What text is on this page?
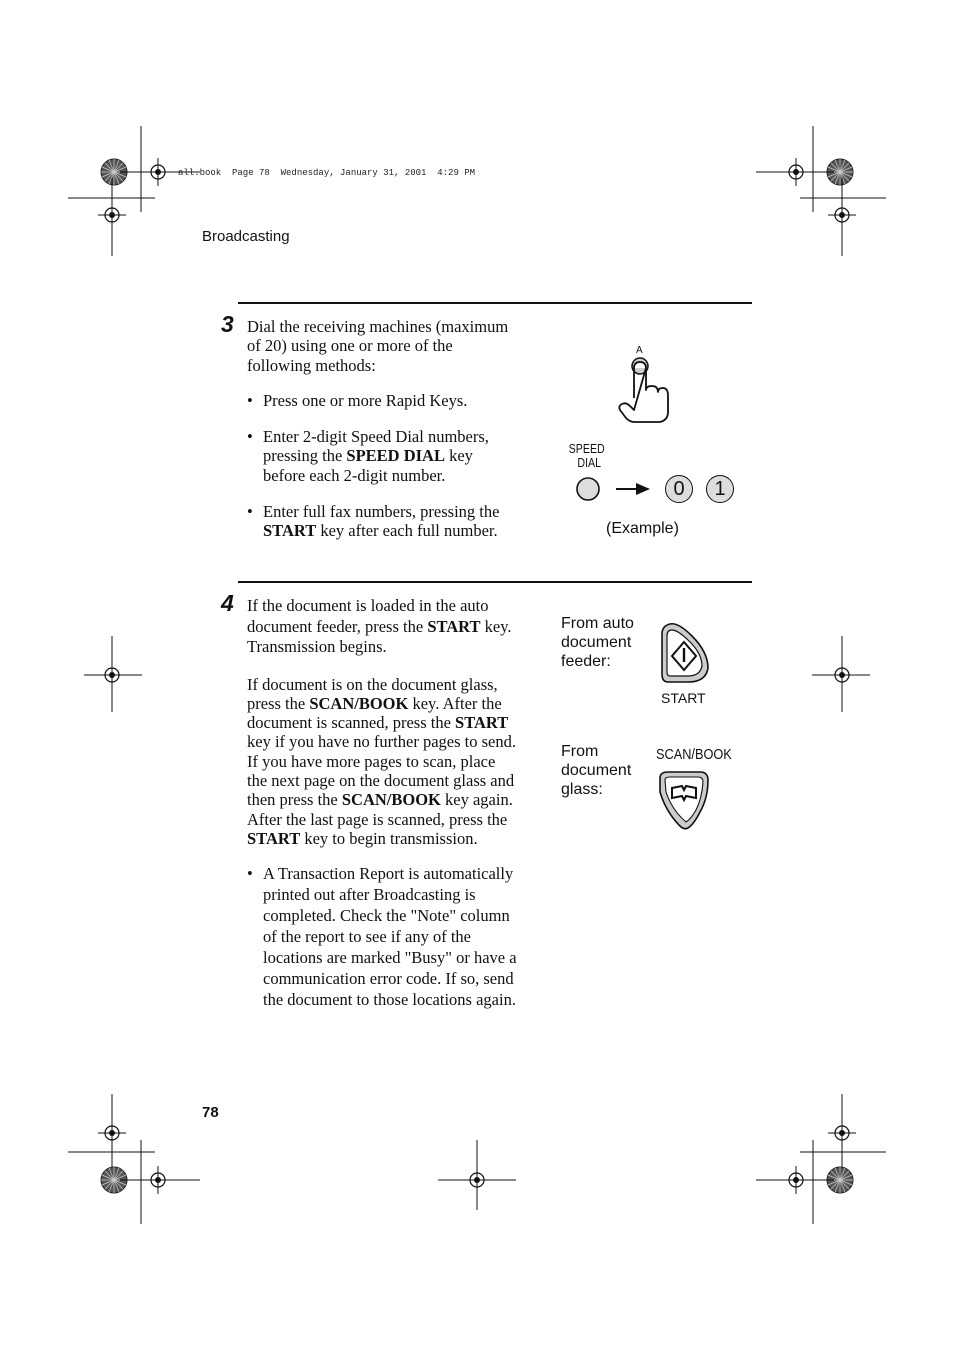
all.book  Page 78  Wednesday, January 31, 2001  4:29 PM
Broadcasting
3 Dial the receiving machines (maximum of 20) using one or more of the following methods:
• Press one or more Rapid Keys.
• Enter 2-digit Speed Dial numbers, pressing the SPEED DIAL key before each 2-digit number.
• Enter full fax numbers, pressing the START key after each full number.
A
SPEED
DIAL
0	1
(Example)
4 If the document is loaded in the auto document feeder, press the START key. Transmission begins.
If document is on the document glass, press the SCAN/BOOK key. After the document is scanned, press the START key if you have no further pages to send. If you have more pages to scan, place the next page on the document glass and then press the SCAN/BOOK key again. After the last page is scanned, press the START key to begin transmission.
• A Transaction Report is automatically printed out after Broadcasting is completed. Check the "Note" column of the report to see if any of the locations are marked "Busy" or have a communication error code. If so, send the document to those locations again.
From auto
document
feeder:
START
From
document
glass:
SCAN/BOOK
78
